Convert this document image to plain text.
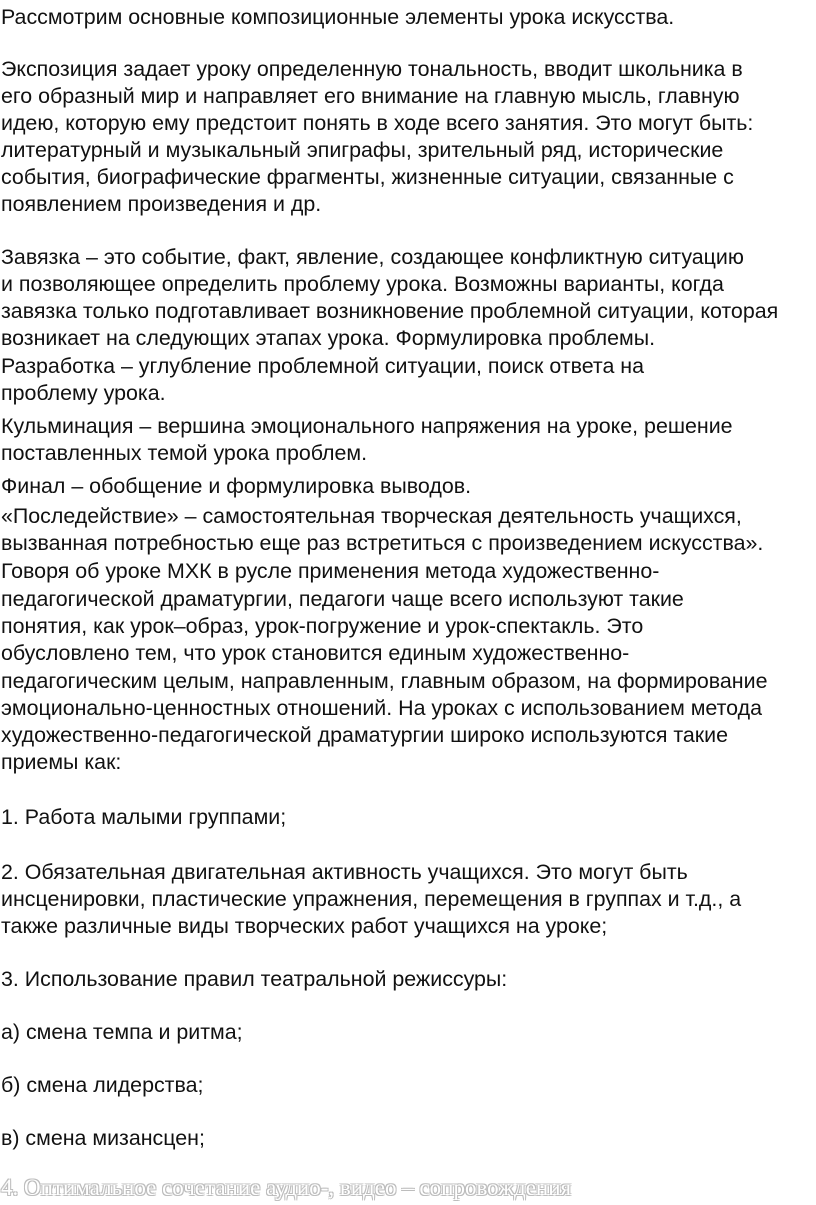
Рассмотрим основные композиционные элементы урока искусства.
Экспозиция задает уроку определенную тональность, вводит школьника в
его образный мир и направляет его внимание на главную мысль, главную
идею, которую ему предстоит понять в ходе всего занятия. Это могут быть:
литературный и музыкальный эпиграфы, зрительный ряд, исторические
события, биографические фрагменты, жизненные ситуации, связанные с
появлением произведения и др.
Завязка – это событие, факт, явление, создающее конфликтную ситуацию
и позволяющее определить проблему урока. Возможны варианты, когда
завязка только подготавливает возникновение проблемной ситуации, которая
возникает на следующих этапах урока. Формулировка проблемы.
Разработка – углубление проблемной ситуации, поиск ответа на
проблему урока.
Кульминация – вершина эмоционального напряжения на уроке, решение
поставленных темой урока проблем.
Финал – обобщение и формулировка выводов.
«Последействие» – самостоятельная творческая деятельность учащихся,
вызванная потребностью еще раз встретиться с произведением искусства».
Говоря об уроке МХК в русле применения метода художественно-
педагогической драматургии, педагоги чаще всего используют такие
понятия, как урок–образ, урок-погружение и урок-спектакль. Это
обусловлено тем, что урок становится единым художественно-
педагогическим целым, направленным, главным образом, на формирование
эмоционально-ценностных отношений. На уроках с использованием метода
художественно-педагогической драматургии широко используются такие
приемы как:
1. Работа малыми группами;
2. Обязательная двигательная активность учащихся. Это могут быть
инсценировки, пластические упражнения, перемещения в группах и т.д., а
также различные виды творческих работ учащихся на уроке;
3. Использование правил театральной режиссуры:
а) смена темпа и ритма;
б) смена лидерства;
в) смена мизансцен;
4. Оптимальное сочетание аудио-, видео – сопровождения
